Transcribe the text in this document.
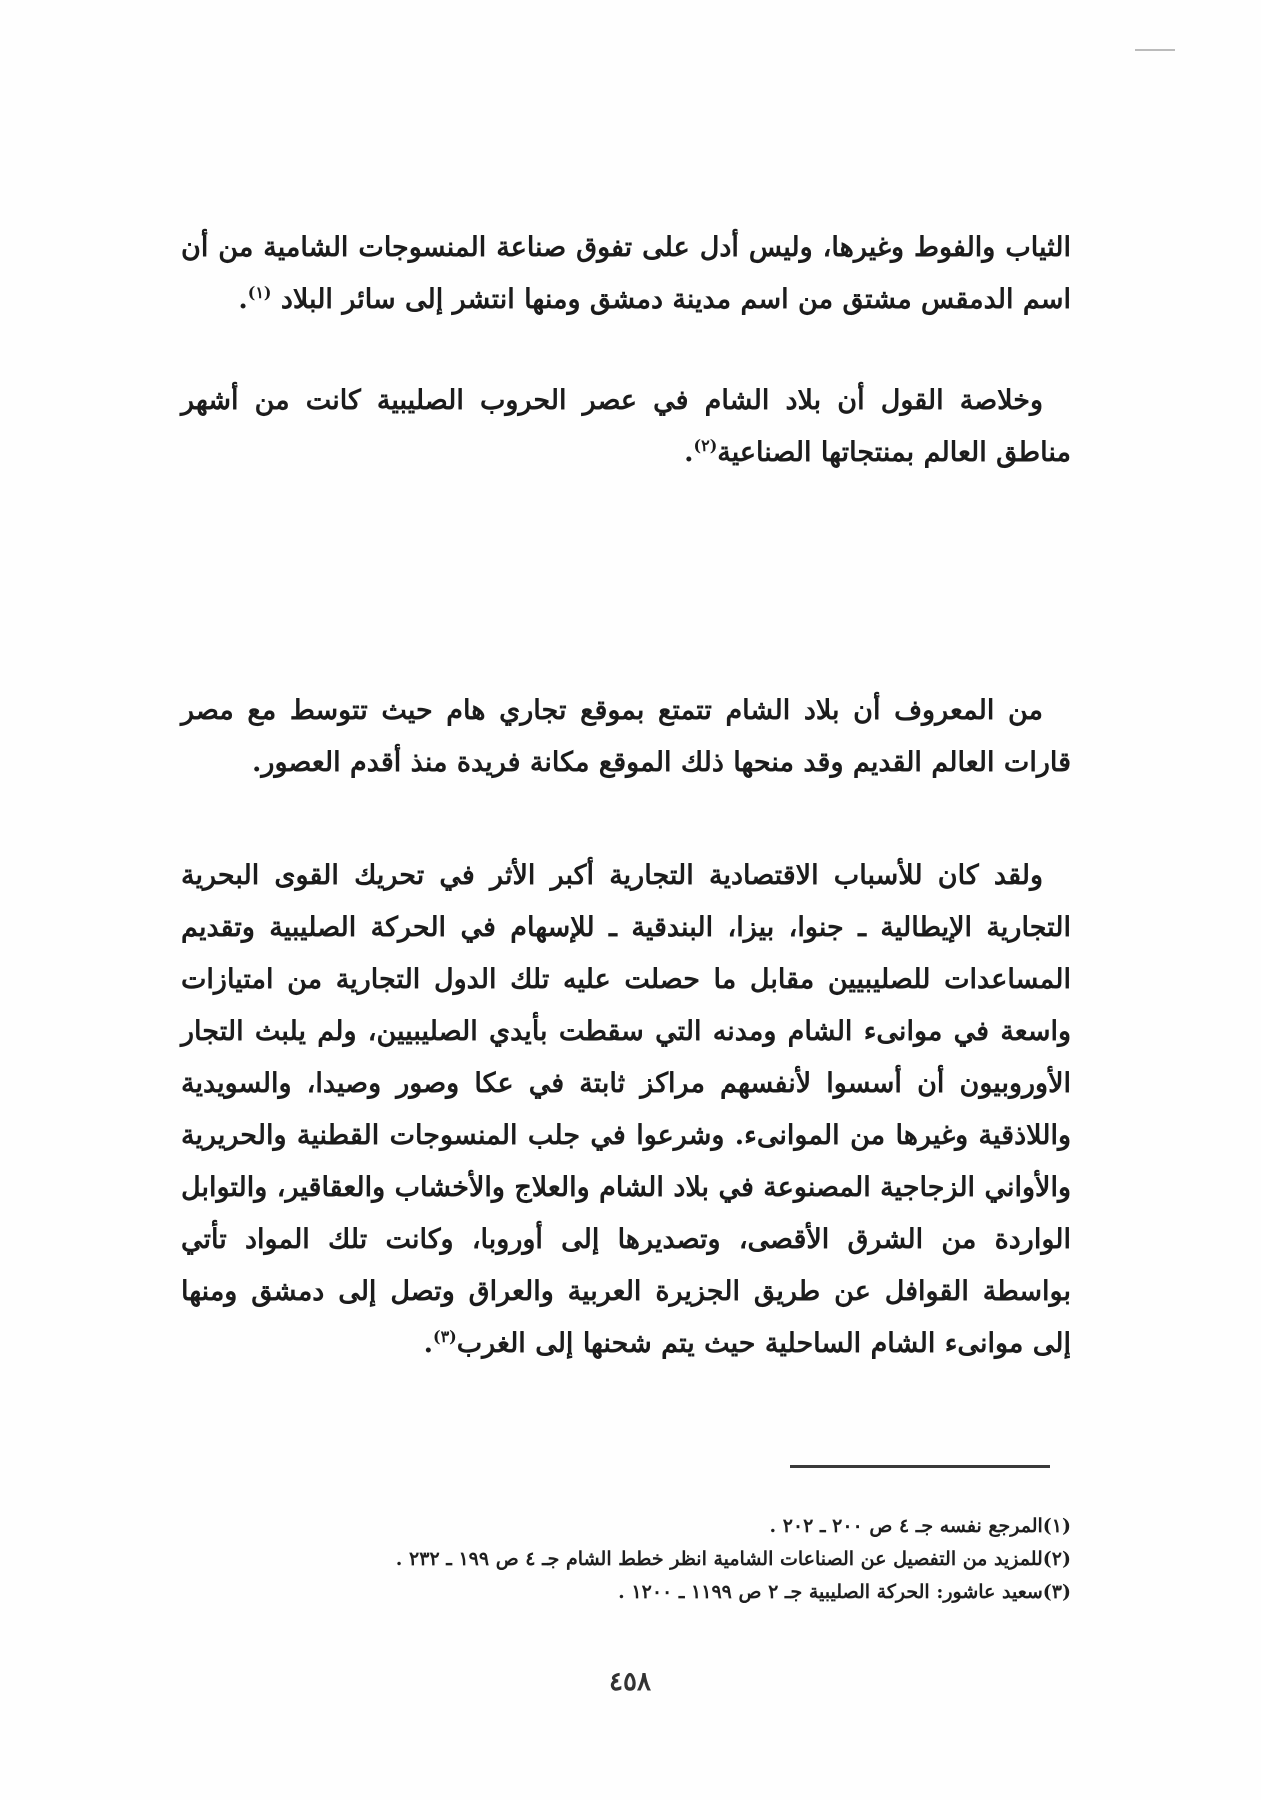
الثياب والفوط وغيرها، وليس أدل على تفوق صناعة المنسوجات الشامية من أن اسم الدمقس مشتق من اسم مدينة دمشق ومنها انتشر إلى سائر البلاد $^{(١)}$.

وخلاصة القول أن بلاد الشام في عصر الحروب الصليبية كانت من أشهر مناطق العالم بمنتجاتها الصناعية$^{(٢)}$.

من المعروف أن بلاد الشام تتمتع بموقع تجاري هام حيث تتوسط مع مصر قارات العالم القديم وقد منحها ذلك الموقع مكانة فريدة منذ أقدم العصور.

ولقد كان للأسباب الاقتصادية التجارية أكبر الأثر في تحريك القوى البحرية التجارية الإيطالية ـ جنوا، بيزا، البندقية ـ للإسهام في الحركة الصليبية وتقديم المساعدات للصليبيين مقابل ما حصلت عليه تلك الدول التجارية من امتيازات واسعة في موانىء الشام ومدنه التي سقطت بأيدي الصليبيين، ولم يلبث التجار الأوروبيون أن أسسوا لأنفسهم مراكز ثابتة في عكا وصور وصيدا، والسويدية واللاذقية وغيرها من الموانىء. وشرعوا في جلب المنسوجات القطنية والحريرية والأواني الزجاجية المصنوعة في بلاد الشام والعلاج والأخشاب والعقاقير، والتوابل الواردة من الشرق الأقصى، وتصديرها إلى أوروبا، وكانت تلك المواد تأتي بواسطة القوافل عن طريق الجزيرة العربية والعراق وتصل إلى دمشق ومنها إلى موانىء الشام الساحلية حيث يتم شحنها إلى الغرب$^{(٣)}$.

(١)المرجع نفسه جـ ٤ ص ٢٠٠ ـ ٢٠٢ .
(٢)للمزيد من التفصيل عن الصناعات الشامية انظر خطط الشام جـ ٤ ص ١٩٩ ـ ٢٣٢ .
(٣)سعيد عاشور: الحركة الصليبية جـ ٢ ص ١١٩٩ ـ ١٢٠٠ .
٤٥٨
